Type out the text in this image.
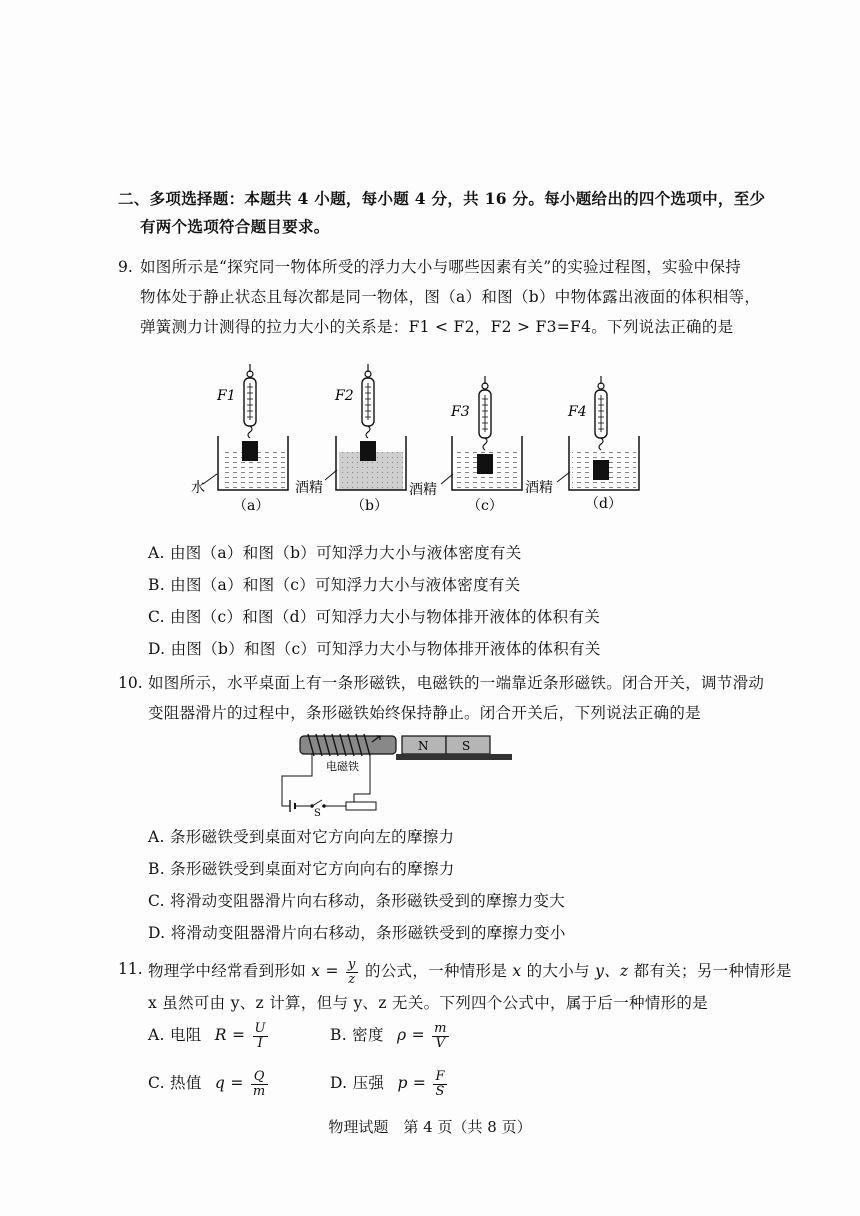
二、多项选择题：本题共 4 小题，每小题 4 分，共 16 分。每小题给出的四个选项中，至少
有两个选项符合题目要求。
9. 如图所示是“探究同一物体所受的浮力大小与哪些因素有关”的实验过程图，实验中保持
物体处于静止状态且每次都是同一物体，图（a）和图（b）中物体露出液面的体积相等，
弹簧测力计测得的拉力大小的关系是：F1 < F2，F2 > F3=F4。下列说法正确的是
F1
水
（a）
F2
酒精
（b）
F3
酒精
（c）
F4
酒精
（d）
A. 由图（a）和图（b）可知浮力大小与液体密度有关
B. 由图（a）和图（c）可知浮力大小与液体密度有关
C. 由图（c）和图（d）可知浮力大小与物体排开液体的体积有关
D. 由图（b）和图（c）可知浮力大小与物体排开液体的体积有关
10. 如图所示，水平桌面上有一条形磁铁，电磁铁的一端靠近条形磁铁。闭合开关，调节滑动
变阻器滑片的过程中，条形磁铁始终保持静止。闭合开关后，下列说法正确的是
电磁铁
N	S
S
A. 条形磁铁受到桌面对它方向向左的摩擦力
B. 条形磁铁受到桌面对它方向向右的摩擦力
C. 将滑动变阻器滑片向右移动，条形磁铁受到的摩擦力变大
D. 将滑动变阻器滑片向右移动，条形磁铁受到的摩擦力变小
11. 物理学中经常看到形如 $x = \frac{y}{z}$ 的公式，一种情形是 x 的大小与 y、z 都有关；另一种情形是
x 虽然可由 y、z 计算，但与 y、z 无关。下列四个公式中，属于后一种情形的是
A. 电阻 $R = \frac{U}{I}$	B. 密度 $\rho = \frac{m}{V}$
C. 热值 $q = \frac{Q}{m}$	D. 压强 $p = \frac{F}{S}$
物理试题　第 4 页（共 8 页）
